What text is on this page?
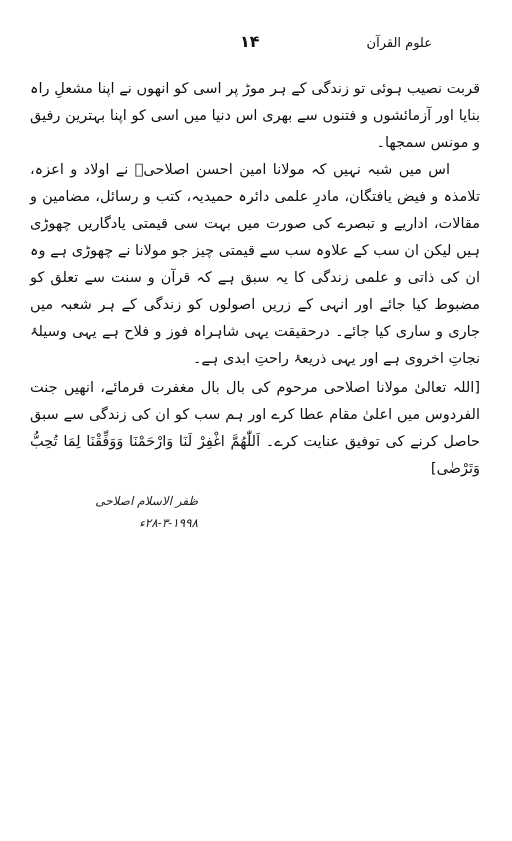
علوم القرآن
۱۴

قربت نصیب ہوئی تو زندگی کے ہر موڑ پر اسی کو انھوں نے اپنا مشعلِ راہ بنایا اور آزمائشوں و فتنوں سے بھری اس دنیا میں اسی کو اپنا بہترین رفیق و مونس سمجھا۔

اس میں شبہ نہیں کہ مولانا امین احسن اصلاحیؒ نے اولاد و اعزہ، تلامذہ و فیض یافتگان، مادرِ علمی دائرہ حمیدیہ، کتب و رسائل، مضامین و مقالات، اداریے و تبصرے کی صورت میں بہت سی قیمتی یادگاریں چھوڑی ہیں لیکن ان سب کے علاوہ سب سے قیمتی چیز جو مولانا نے چھوڑی ہے وہ ان کی ذاتی و علمی زندگی کا یہ سبق ہے کہ قرآن و سنت سے تعلق کو مضبوط کیا جائے اور انہی کے زریں اصولوں کو زندگی کے ہر شعبہ میں جاری و ساری کیا جائے۔ درحقیقت یہی شاہراہ فوز و فلاح ہے یہی وسیلۂ نجاتِ اخروی ہے اور یہی ذریعۂ راحتِ ابدی ہے۔

[اللہ تعالیٰ مولانا اصلاحی مرحوم کی بال بال مغفرت فرمائے، انھیں جنت الفردوس میں اعلیٰ مقام عطا کرے اور ہم سب کو ان کی زندگی سے سبق حاصل کرنے کی توفیق عنایت کرے۔ اَللّٰھُمَّ اغْفِرْ لَنَا وَارْحَمْنَا وَوَفِّقْنَا لِمَا تُحِبُّ وَتَرْضٰی]

ظفر الاسلام اصلاحی
۲۸-۳-۱۹۹۸ء
